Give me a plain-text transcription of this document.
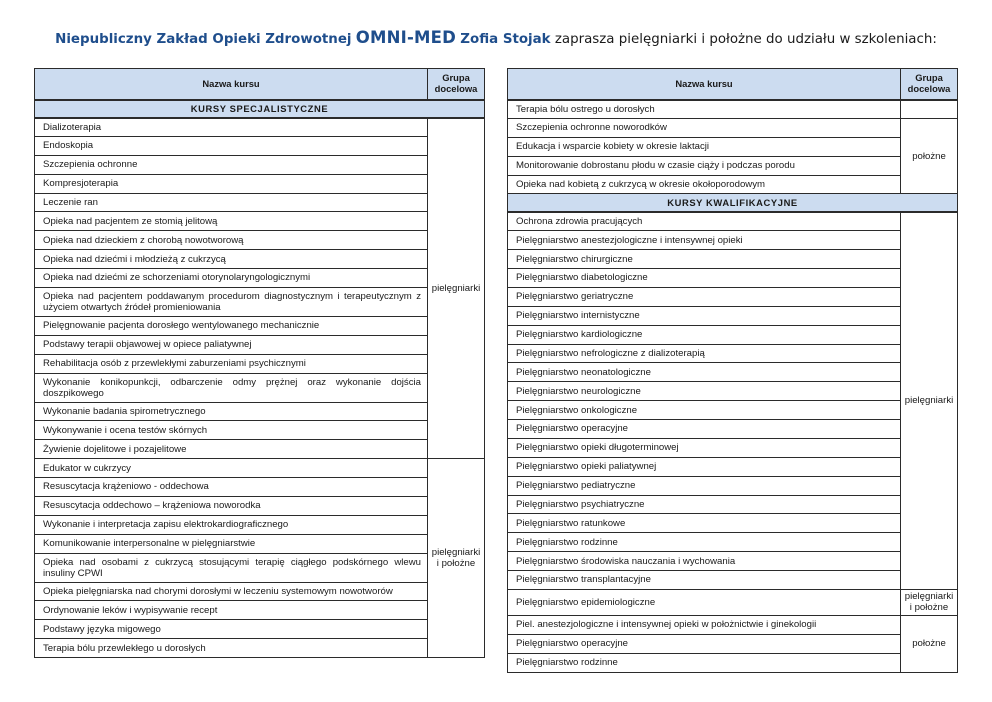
Niepubliczny Zakład Opieki Zdrowotnej OMNI-MED Zofia Stojak zaprasza pielęgniarki i położne do udziału w szkoleniach:
Nazwa kursu	Grupa
docelowa
KURSY SPECJALISTYCZNE	
Dializoterapia	pielęgniarki
Endoskopia	
Szczepienia ochronne	
Kompresjoterapia	
Leczenie ran	
Opieka nad pacjentem ze stomią jelitową	
Opieka nad dzieckiem z chorobą nowotworową	
Opieka nad dziećmi i młodzieżą z cukrzycą	
Opieka nad dziećmi ze schorzeniami otorynolaryngologicznymi	
Opieka nad pacjentem poddawanym procedurom diagnostycznym i terapeutycznym z użyciem otwartych źródeł promieniowania	
Pielęgnowanie pacjenta dorosłego wentylowanego mechanicznie	
Podstawy terapii objawowej w opiece paliatywnej	
Rehabilitacja osób z przewlekłymi zaburzeniami psychicznymi	
Wykonanie konikopunkcji, odbarczenie odmy prężnej oraz wykonanie dojścia doszpikowego	
Wykonanie badania spirometrycznego	
Wykonywanie i ocena testów skórnych	
Żywienie dojelitowe i pozajelitowe	
Edukator w cukrzycy	pielęgniarki
i położne
Resuscytacja krążeniowo - oddechowa	
Resuscytacja oddechowo – krążeniowa noworodka	
Wykonanie i interpretacja zapisu elektrokardiograficznego	
Komunikowanie interpersonalne w pielęgniarstwie	
Opieka nad osobami z cukrzycą stosującymi terapię ciągłego podskórnego wlewu insuliny CPWI	
Opieka pielęgniarska nad chorymi dorosłymi w leczeniu systemowym nowotworów	
Ordynowanie leków i wypisywanie recept	
Podstawy języka migowego	
Terapia bólu przewlekłego u dorosłych	
Nazwa kursu	Grupa
docelowa
Terapia bólu ostrego u dorosłych	
Szczepienia ochronne noworodków	położne
Edukacja i wsparcie kobiety w okresie laktacji	
Monitorowanie dobrostanu płodu w czasie ciąży i podczas porodu	
Opieka nad kobietą z cukrzycą w okresie okołoporodowym	
KURSY KWALIFIKACYJNE	
Ochrona zdrowia pracujących	pielęgniarki
Pielęgniarstwo anestezjologiczne i intensywnej opieki	
Pielęgniarstwo chirurgiczne	
Pielęgniarstwo diabetologiczne	
Pielęgniarstwo geriatryczne	
Pielęgniarstwo internistyczne	
Pielęgniarstwo kardiologiczne	
Pielęgniarstwo nefrologiczne z dializoterapią	
Pielęgniarstwo neonatologiczne	
Pielęgniarstwo neurologiczne	
Pielęgniarstwo onkologiczne	
Pielęgniarstwo operacyjne	
Pielęgniarstwo opieki długoterminowej	
Pielęgniarstwo opieki paliatywnej	
Pielęgniarstwo pediatryczne	
Pielęgniarstwo psychiatryczne	
Pielęgniarstwo ratunkowe	
Pielęgniarstwo rodzinne	
Pielęgniarstwo środowiska nauczania i wychowania	
Pielęgniarstwo transplantacyjne	
Pielęgniarstwo epidemiologiczne	pielęgniarki
i położne
Piel. anestezjologiczne i intensywnej opieki w położnictwie i ginekologii	położne
Pielęgniarstwo operacyjne	
Pielęgniarstwo rodzinne	
